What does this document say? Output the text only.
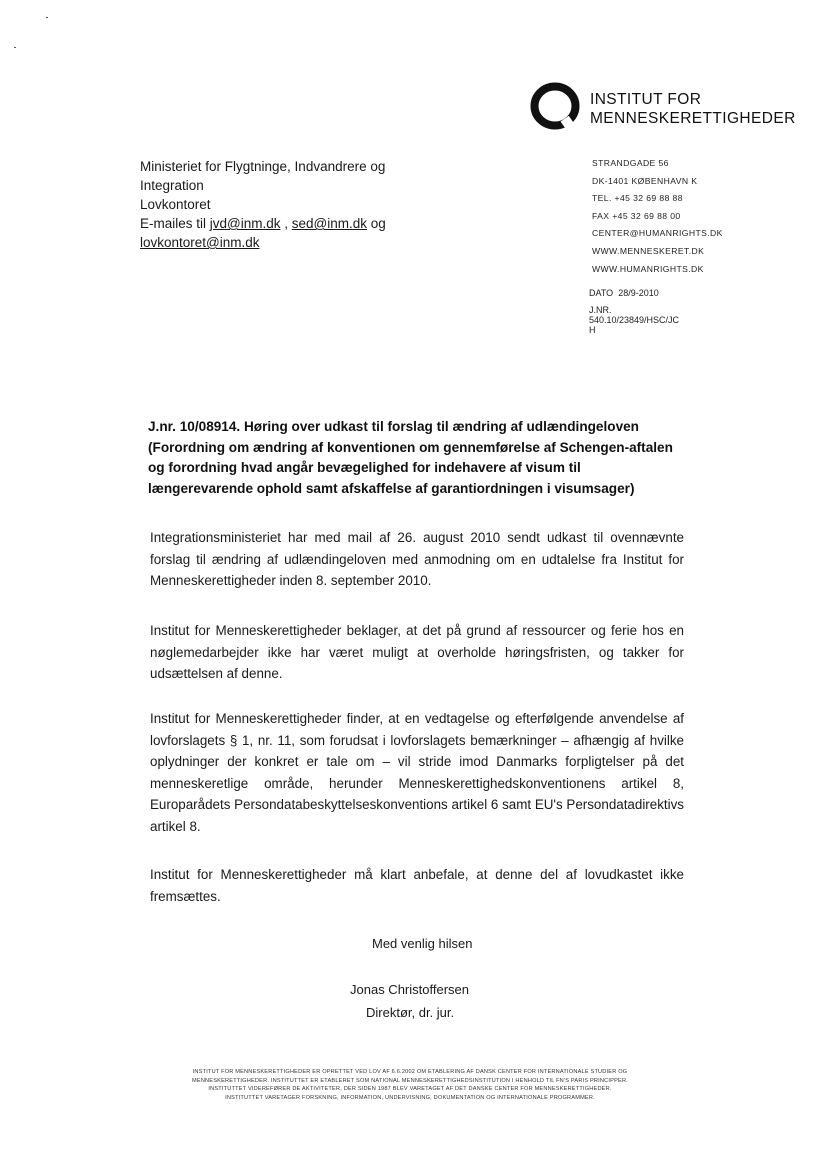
INSTITUT FOR
MENNESKERETTIGHEDER
Ministeriet for Flygtninge, Indvandrere og
Integration
Lovkontoret
E-mailes til jvd@inm.dk , sed@inm.dk og
lovkontoret@inm.dk
STRANDGADE 56
DK-1401 KØBENHAVN K
TEL. +45 32 69 88 88
FAX +45 32 69 88 00
CENTER@HUMANRIGHTS.DK
WWW.MENNESKERET.DK
WWW.HUMANRIGHTS.DK
DATO 28/9-2010
J.NR.
540.10/23849/HSC/JC
H
J.nr. 10/08914. Høring over udkast til forslag til ændring af udlændingeloven (Forordning om ændring af konventionen om gennemførelse af Schengen-aftalen og forordning hvad angår bevægelighed for indehavere af visum til længerevarende ophold samt afskaffelse af garantiordningen i visumsager)
Integrationsministeriet har med mail af 26. august 2010 sendt udkast til ovennævnte forslag til ændring af udlændingeloven med anmodning om en udtalelse fra Institut for Menneskerettigheder inden 8. september 2010.
Institut for Menneskerettigheder beklager, at det på grund af ressourcer og ferie hos en nøglemedarbejder ikke har været muligt at overholde høringsfristen, og takker for udsættelsen af denne.
Institut for Menneskerettigheder finder, at en vedtagelse og efterfølgende anvendelse af lovforslagets § 1, nr. 11, som forudsat i lovforslagets bemærkninger – afhængig af hvilke oplydninger der konkret er tale om – vil stride imod Danmarks forpligtelser på det menneskeretlige område, herunder Menneskerettighedskonventionens artikel 8, Europarådets Persondatabeskyttelseskonventions artikel 6 samt EU's Persondatadirektivs artikel 8.
Institut for Menneskerettigheder må klart anbefale, at denne del af lovudkastet ikke fremsættes.
Med venlig hilsen
Jonas Christoffersen
Direktør, dr. jur.
INSTITUT FOR MENNESKERETTIGHEDER ER OPRETTET VED LOV AF 6.6.2002 OM ETABLERING AF DANSK CENTER FOR INTERNATIONALE STUDIER OG
MENNESKERETTIGHEDER. INSTITUTTET ER ETABLERET SOM NATIONAL MENNESKERETTIGHEDSINSTITUTION I HENHOLD TIL FN'S PARIS PRINCIPPER.
INSTITUTTET VIDEREFØRER DE AKTIVITETER, DER SIDEN 1987 BLEV VARETAGET AF DET DANSKE CENTER FOR MENNESKERETTIGHEDER.
INSTITUTTET VARETAGER FORSKNING, INFORMATION, UNDERVISNING, DOKUMENTATION OG INTERNATIONALE PROGRAMMER.
